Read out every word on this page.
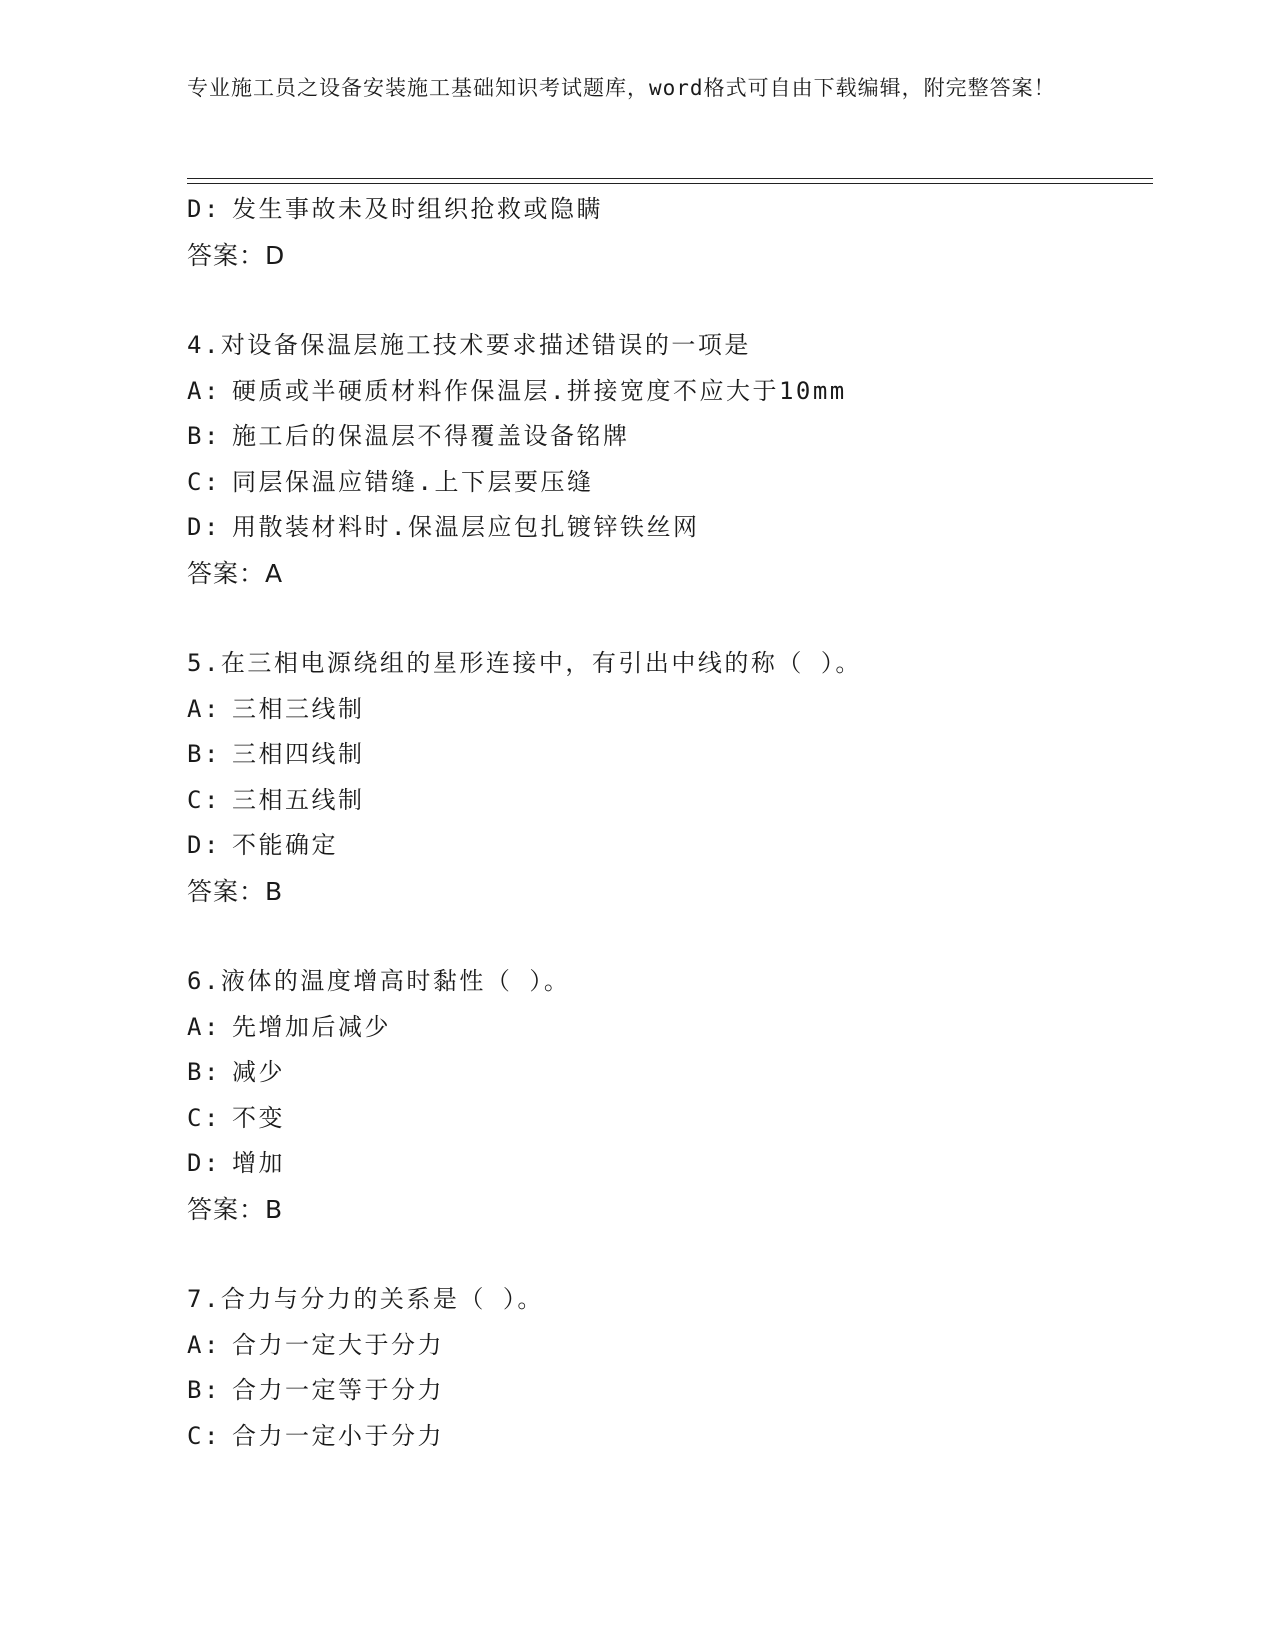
专业施工员之设备安装施工基础知识考试题库，word格式可自由下载编辑，附完整答案！
D: 发生事故未及时组织抢救或隐瞒
答案：D
4.对设备保温层施工技术要求描述错误的一项是
A: 硬质或半硬质材料作保温层.拼接宽度不应大于10mm
B: 施工后的保温层不得覆盖设备铭牌
C: 同层保温应错缝.上下层要压缝
D: 用散装材料时.保温层应包扎镀锌铁丝网
答案：A
5.在三相电源绕组的星形连接中，有引出中线的称（ ）。
A: 三相三线制
B: 三相四线制
C: 三相五线制
D: 不能确定
答案：B
6.液体的温度增高时黏性（ ）。
A: 先增加后减少
B: 减少
C: 不变
D: 增加
答案：B
7.合力与分力的关系是（ ）。
A: 合力一定大于分力
B: 合力一定等于分力
C: 合力一定小于分力
